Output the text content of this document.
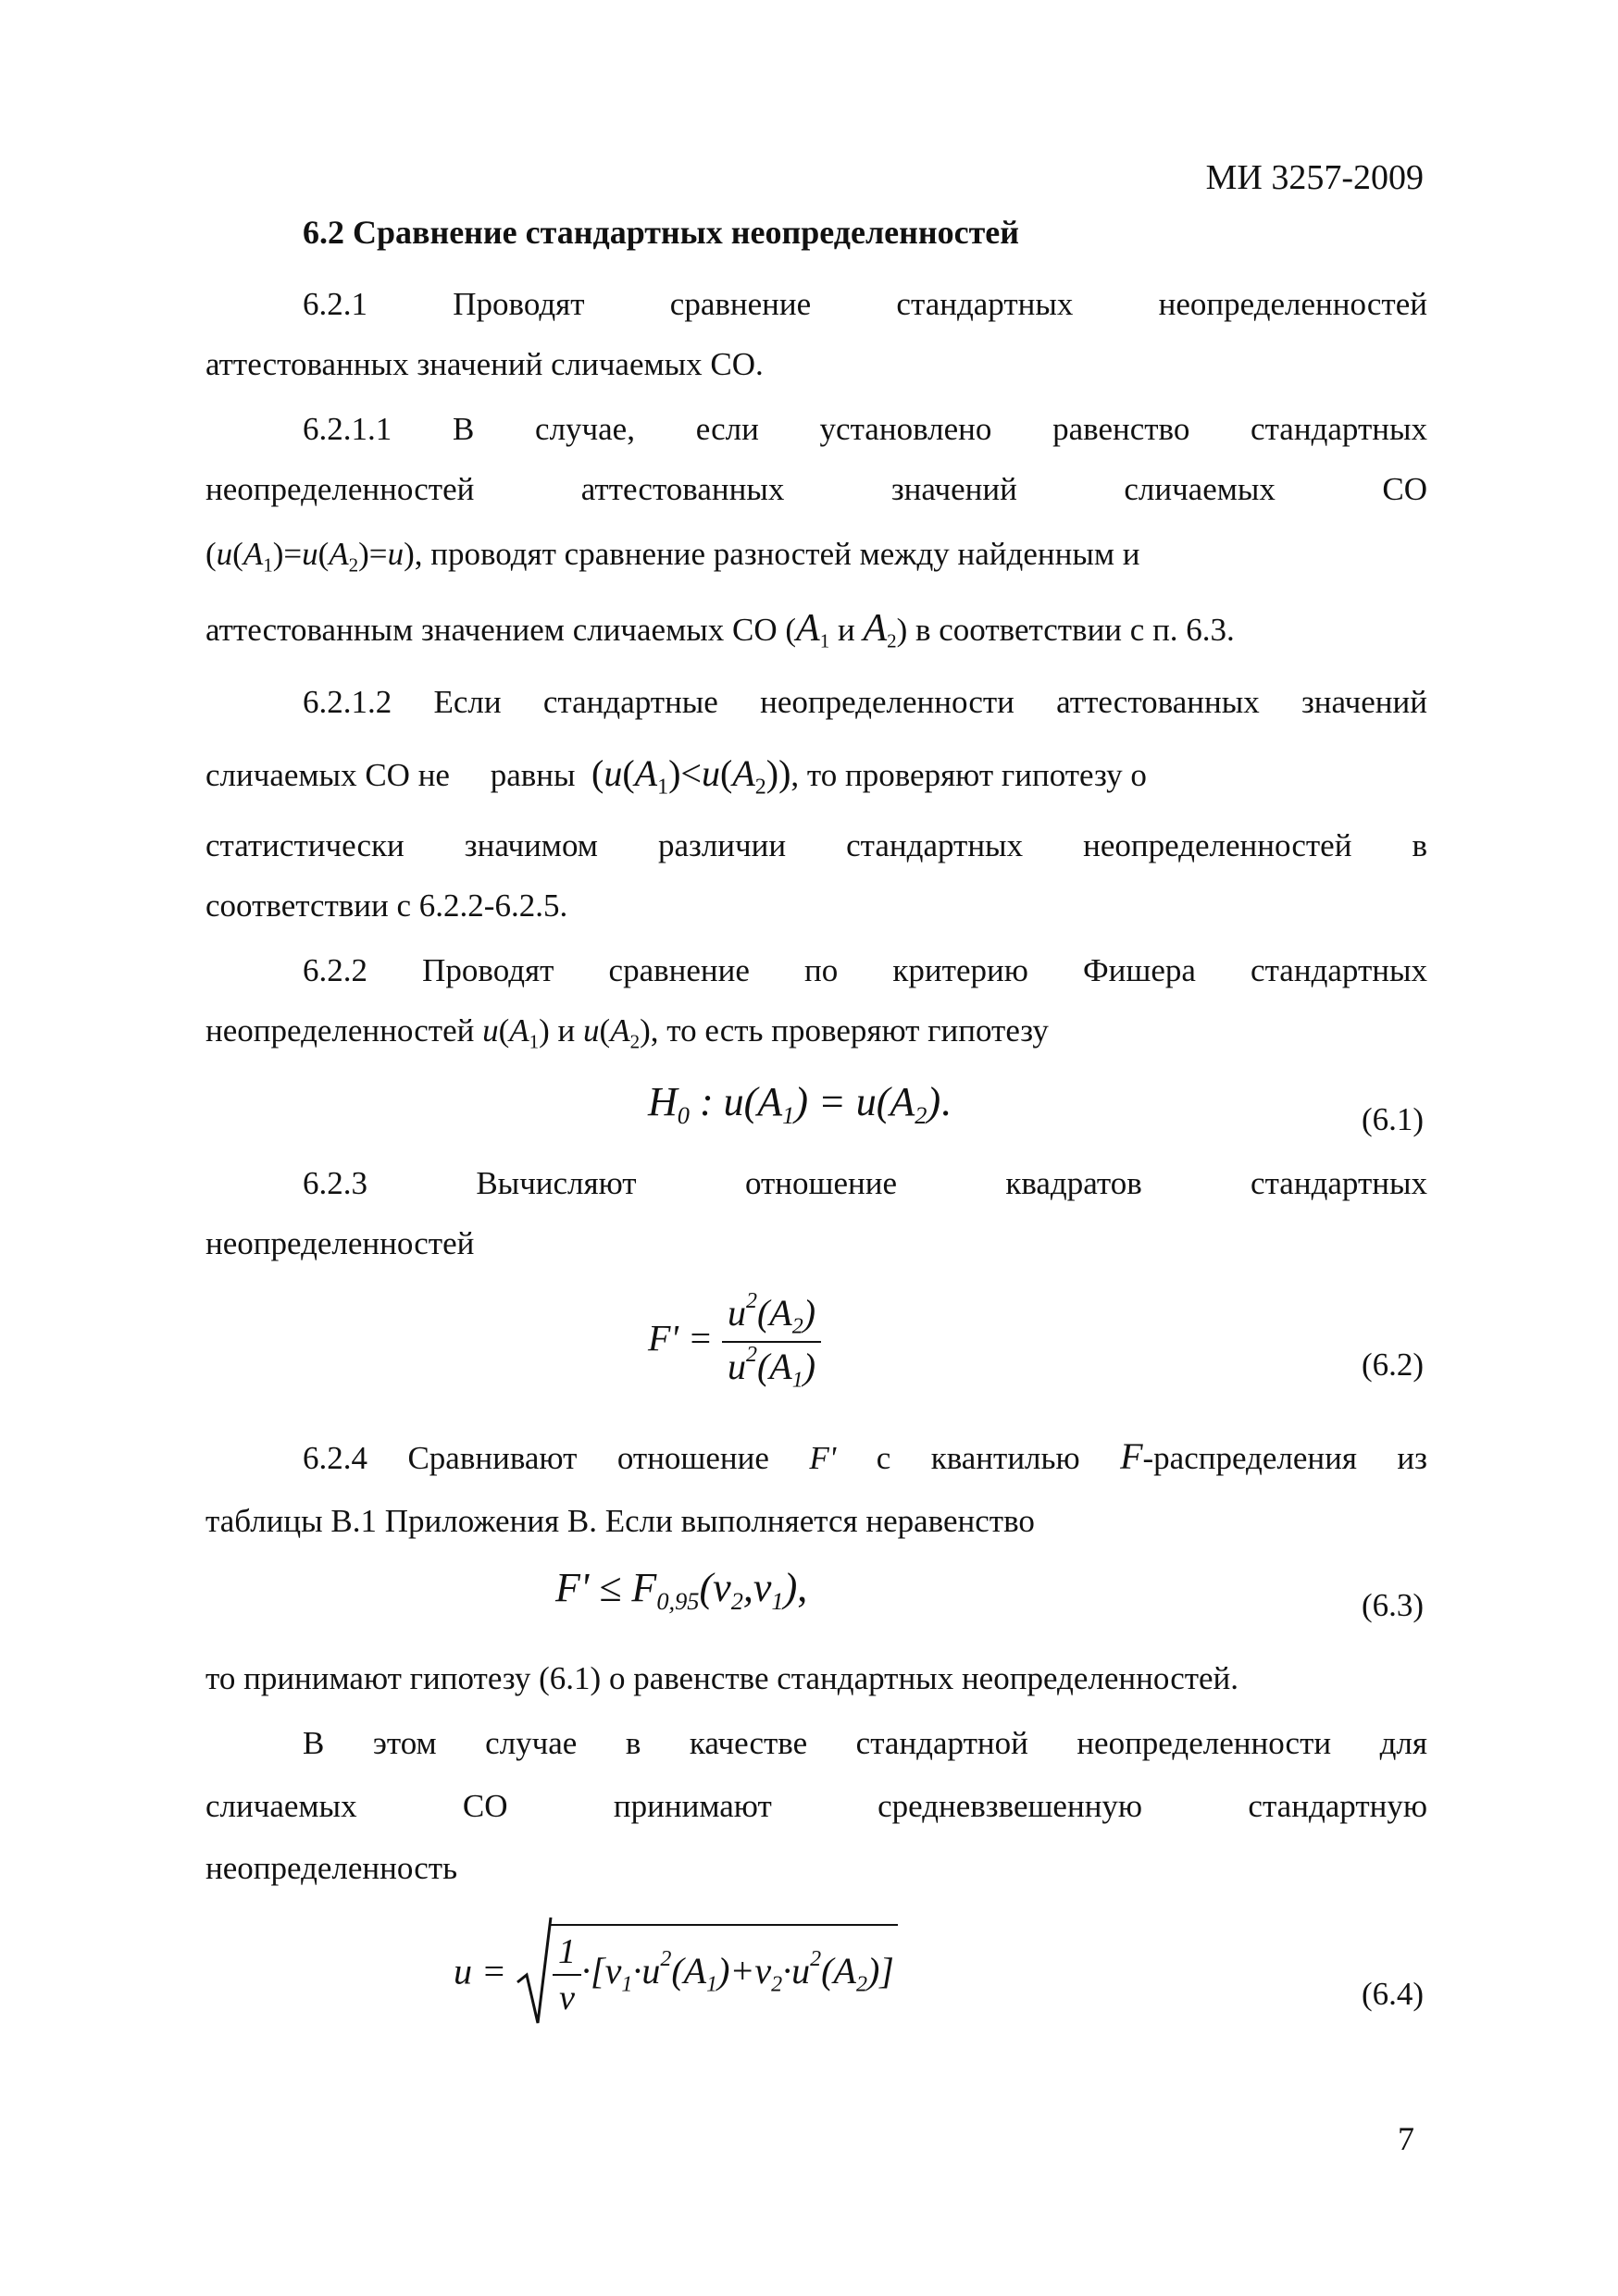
МИ 3257-2009
6.2 Сравнение стандартных неопределенностей

6.2.1 Проводят сравнение стандартных неопределенностей

аттестованных значений сличаемых СО.

6.2.1.1 В случае, если установлено равенство стандартных

неопределенностей аттестованных значений сличаемых СО

$(u(A_1)=u(A_2)=u)$, проводят сравнение разностей между найденным и

аттестованным значением сличаемых СО ($A_1$ и $A_2$) в соответствии с п. 6.3.

6.2.1.2 Если стандартные неопределенности аттестованных значений

сличаемых СО не равны $(u(A_1)<u(A_2))$, то проверяют гипотезу о

статистически значимом различии стандартных неопределенностей в

соответствии с 6.2.2-6.2.5.

6.2.2 Проводят сравнение по критерию Фишера стандартных

неопределенностей $u(A_1)$ и $u(A_2)$, то есть проверяют гипотезу

$H_0$ : $u(A_1) = u(A_2)$.	(6.1)

6.2.3 Вычисляют отношение квадратов стандартных

неопределенностей

$F' = \frac{u^2(A_2)}{u^2(A_1)}$	(6.2)

6.2.4 Сравнивают отношение F' с квантилью F-распределения из

таблицы В.1 Приложения В. Если выполняется неравенство

$F' \le F_{0,95}(\nu_2,\nu_1)$,	(6.3)

то принимают гипотезу (6.1) о равенстве стандартных неопределенностей.

В этом случае в качестве стандартной неопределенности для

сличаемых СО принимают средневзвешенную стандартную

неопределенность

$u = \frac{1}{\nu} \cdot[\nu_1\cdot u^2(A_1)+\nu_2\cdot u^2(A_2)]$
(6.4)
7
